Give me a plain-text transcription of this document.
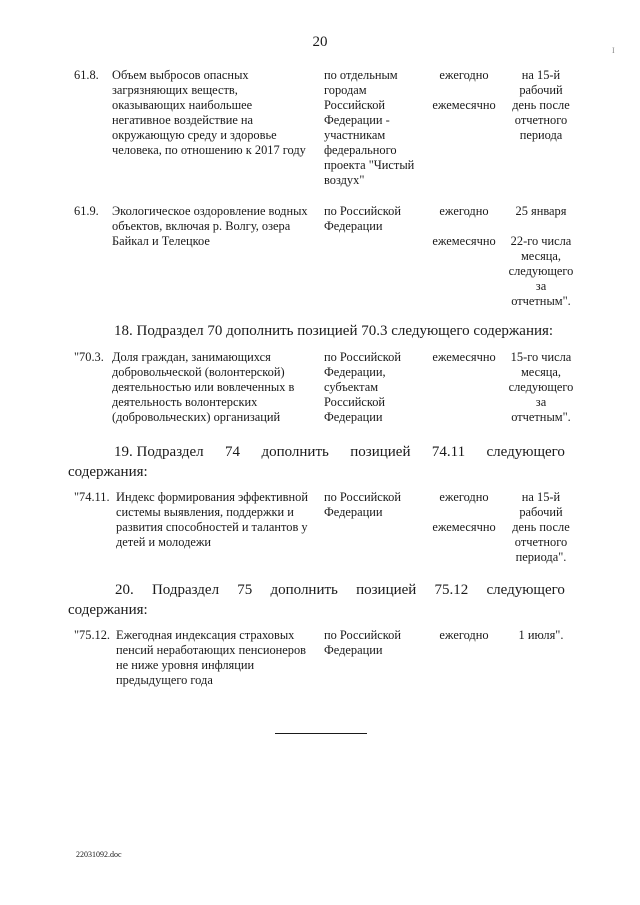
20
I
61.8. Объем выбросов опасных
загрязняющих веществ,
оказывающих наибольшее
негативное воздействие на
окружающую среду и здоровье
человека, по отношению к 2017 году
по отдельным
городам
Российской
Федерации -
участникам
федерального
проекта "Чистый
воздух"
ежегодно
ежемесячно
на 15-й
рабочий
день после
отчетного
периода
61.9. Экологическое оздоровление водных
объектов, включая р. Волгу, озера
Байкал и Телецкое
по Российской
Федерации
ежегодно
ежемесячно
25 января
22-го числа
месяца,
следующего
за
отчетным".
18. Подраздел 70 дополнить позицией 70.3 следующего содержания:
"70.3. Доля граждан, занимающихся
добровольческой (волонтерской)
деятельностью или вовлеченных в
деятельность волонтерских
(добровольческих) организаций
по Российской
Федерации,
субъектам
Российской
Федерации
ежемесячно	15-го числа
месяца,
следующего
за
отчетным".
19. Подраздел 74 дополнить позицией 74.11 следующего
содержания:
"74.11. Индекс формирования эффективной
системы выявления, поддержки и
развития способностей и талантов у
детей и молодежи
по Российской
Федерации
ежегодно
ежемесячно
на 15-й
рабочий
день после
отчетного
периода".
20. Подраздел 75 дополнить позицией 75.12 следующего
содержания:
"75.12. Ежегодная индексация страховых
пенсий неработающих пенсионеров
не ниже уровня инфляции
предыдущего года
по Российской
Федерации
ежегодно	1 июля".
22031092.doc
